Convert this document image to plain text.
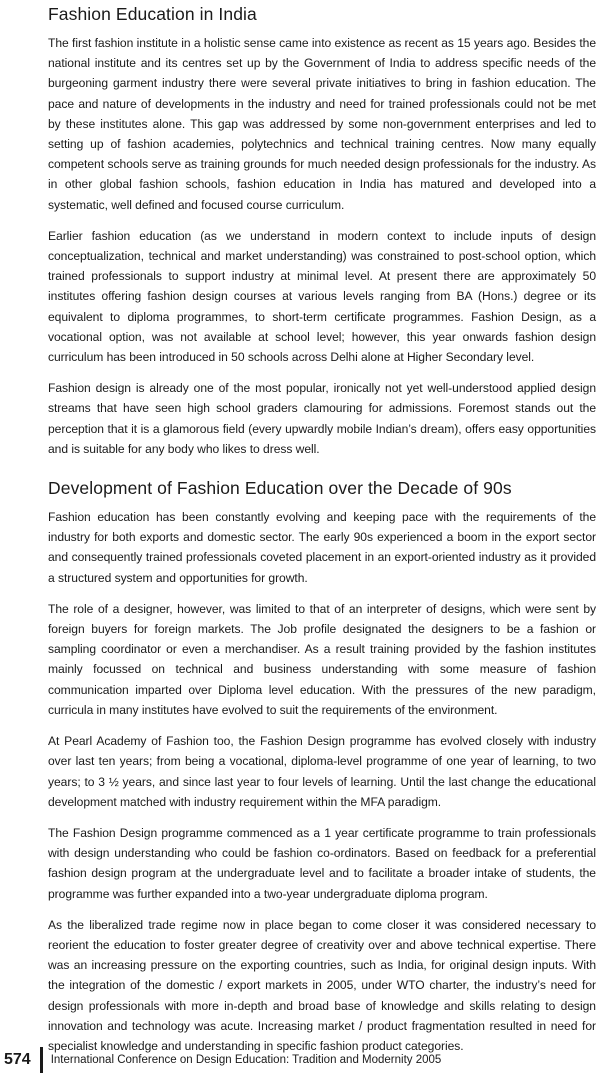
Fashion Education in India

The first fashion institute in a holistic sense came into existence as recent as 15 years ago. Besides the national institute and its centres set up by the Government of India to address specific needs of the burgeoning garment industry there were several private initiatives to bring in fashion education. The pace and nature of developments in the industry and need for trained professionals could not be met by these institutes alone. This gap was addressed by some non-government enterprises and led to setting up of fashion academies, polytechnics and technical training centres. Now many equally competent schools serve as training grounds for much needed design professionals for the industry. As in other global fashion schools, fashion education in India has matured and developed into a systematic, well defined and focused course curriculum.

Earlier fashion education (as we understand in modern context to include inputs of design conceptualization, technical and market understanding) was constrained to post-school option, which trained professionals to support industry at minimal level. At present there are approximately 50 institutes offering fashion design courses at various levels ranging from BA (Hons.) degree or its equivalent to diploma programmes, to short-term certificate programmes. Fashion Design, as a vocational option, was not available at school level; however, this year onwards fashion design curriculum has been introduced in 50 schools across Delhi alone at Higher Secondary level.

Fashion design is already one of the most popular, ironically not yet well-understood applied design streams that have seen high school graders clamouring for admissions. Foremost stands out the perception that it is a glamorous field (every upwardly mobile Indian’s dream), offers easy opportunities and is suitable for any body who likes to dress well.

Development of Fashion Education over the Decade of 90s

Fashion education has been constantly evolving and keeping pace with the requirements of the industry for both exports and domestic sector. The early 90s experienced a boom in the export sector and consequently trained professionals coveted placement in an export-oriented industry as it provided a structured system and opportunities for growth.

The role of a designer, however, was limited to that of an interpreter of designs, which were sent by foreign buyers for foreign markets. The Job profile designated the designers to be a fashion or sampling coordinator or even a merchandiser. As a result training provided by the fashion institutes mainly focussed on technical and business understanding with some measure of fashion communication imparted over Diploma level education. With the pressures of the new paradigm, curricula in many institutes have evolved to suit the requirements of the environment.

At Pearl Academy of Fashion too, the Fashion Design programme has evolved closely with industry over last ten years; from being a vocational, diploma-level programme of one year of learning, to two years; to 3 ½ years, and since last year to four levels of learning. Until the last change the educational development matched with industry requirement within the MFA paradigm.

The Fashion Design programme commenced as a 1 year certificate programme to train professionals with design understanding who could be fashion co-ordinators. Based on feedback for a preferential fashion design program at the undergraduate level and to facilitate a broader intake of students, the programme was further expanded into a two-year undergraduate diploma program.

As the liberalized trade regime now in place began to come closer it was considered necessary to reorient the education to foster greater degree of creativity over and above technical expertise. There was an increasing pressure on the exporting countries, such as India, for original design inputs. With the integration of the domestic / export markets in 2005, under WTO charter, the industry’s need for design professionals with more in-depth and broad base of knowledge and skills relating to design innovation and technology was acute. Increasing market / product fragmentation resulted in need for specialist knowledge and understanding in specific fashion product categories.

574 International Conference on Design Education: Tradition and Modernity 2005
